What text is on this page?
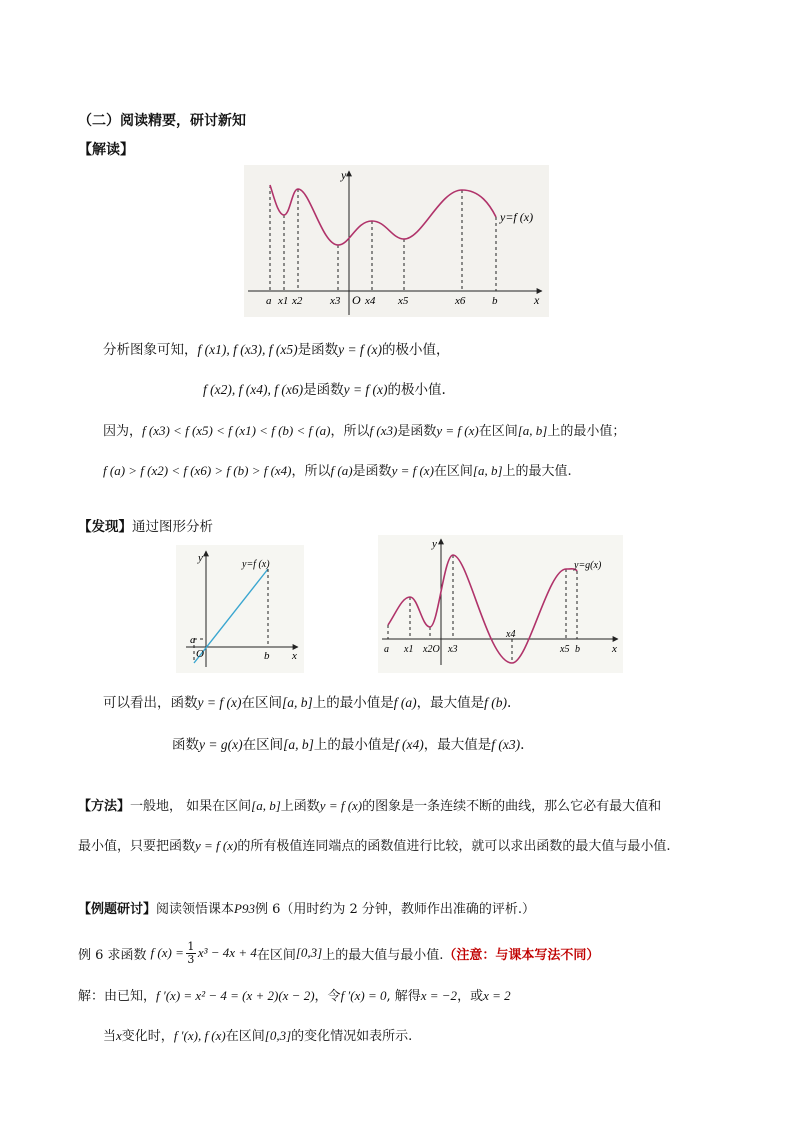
（二）阅读精要，研讨新知
【解读】
y
x
O
y=f (x)
a x1 x2	x3 x4 x5	x6 b
分析图象可知，f (x1), f (x3), f (x5)是函数y = f (x)的极小值，
f (x2), f (x4), f (x6)是函数y = f (x)的极小值.
因为，f (x3) < f (x5) < f (x1) < f (b) < f (a)，所以f (x3)是函数y = f (x)在区间[a, b]上的最小值；
f (a) > f (x2) < f (x6) > f (b) > f (x4)，所以f (a)是函数y = f (x)在区间[a, b]上的最大值.
【发现】通过图形分析
y
x
O
y=f (x)
a
b
y
x
y=g(x)
a x1 x2O x3
x4
x5 b
可以看出，函数y = f (x)在区间[a, b]上的最小值是f (a)，最大值是f (b).
函数y = g(x)在区间[a, b]上的最小值是f (x4)，最大值是f (x3).
【方法】一般地， 如果在区间[a, b]上函数y = f (x)的图象是一条连续不断的曲线，那么它必有最大值和
最小值，只要把函数y = f (x)的所有极值连同端点的函数值进行比较，就可以求出函数的最大值与最小值.
【例题研讨】阅读领悟课本P93例 6（用时约为 2 分钟，教师作出准确的评析.）
例 6 求函数 f $(x) = \frac{1}{3} x^3 - 4x + 4$ 在区间 [0,3] 上的最大值与最小值. （注意：与课本写法不同）
解：由已知，f ′(x) = x² − 4 = (x + 2)(x − 2)，令f ′(x) = 0, 解得x = −2，或x = 2
当x变化时，f ′(x), f (x)在区间[0,3]的变化情况如表所示.
